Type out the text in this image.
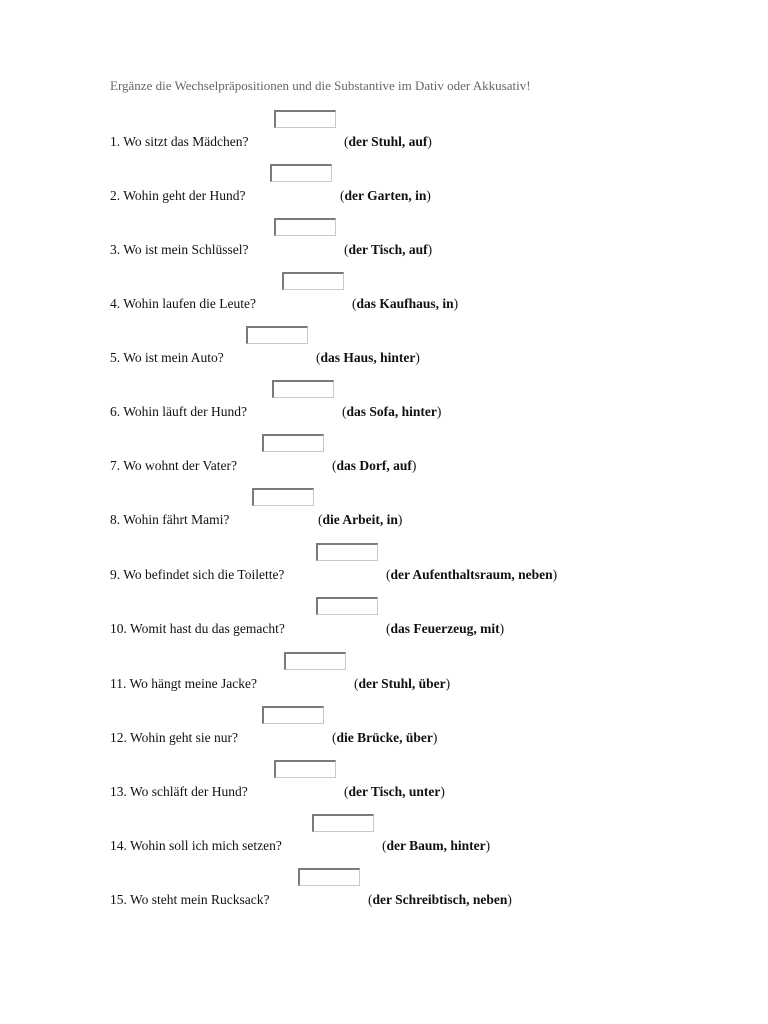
Ergänze die Wechselpräpositionen und die Substantive im Dativ oder Akkusativ!
1. Wo sitzt das Mädchen?	(der Stuhl, auf)
2. Wohin geht der Hund?	(der Garten, in)
3. Wo ist mein Schlüssel?	(der Tisch, auf)
4. Wohin laufen die Leute?	(das Kaufhaus, in)
5. Wo ist mein Auto?	(das Haus, hinter)
6. Wohin läuft der Hund?	(das Sofa, hinter)
7. Wo wohnt der Vater?	(das Dorf, auf)
8. Wohin fährt Mami?	(die Arbeit, in)
9. Wo befindet sich die Toilette?	(der Aufenthaltsraum, neben)
10. Womit hast du das gemacht?	(das Feuerzeug, mit)
11. Wo hängt meine Jacke?	(der Stuhl, über)
12. Wohin geht sie nur?	(die Brücke, über)
13. Wo schläft der Hund?	(der Tisch, unter)
14. Wohin soll ich mich setzen?	(der Baum, hinter)
15. Wo steht mein Rucksack?	(der Schreibtisch, neben)
